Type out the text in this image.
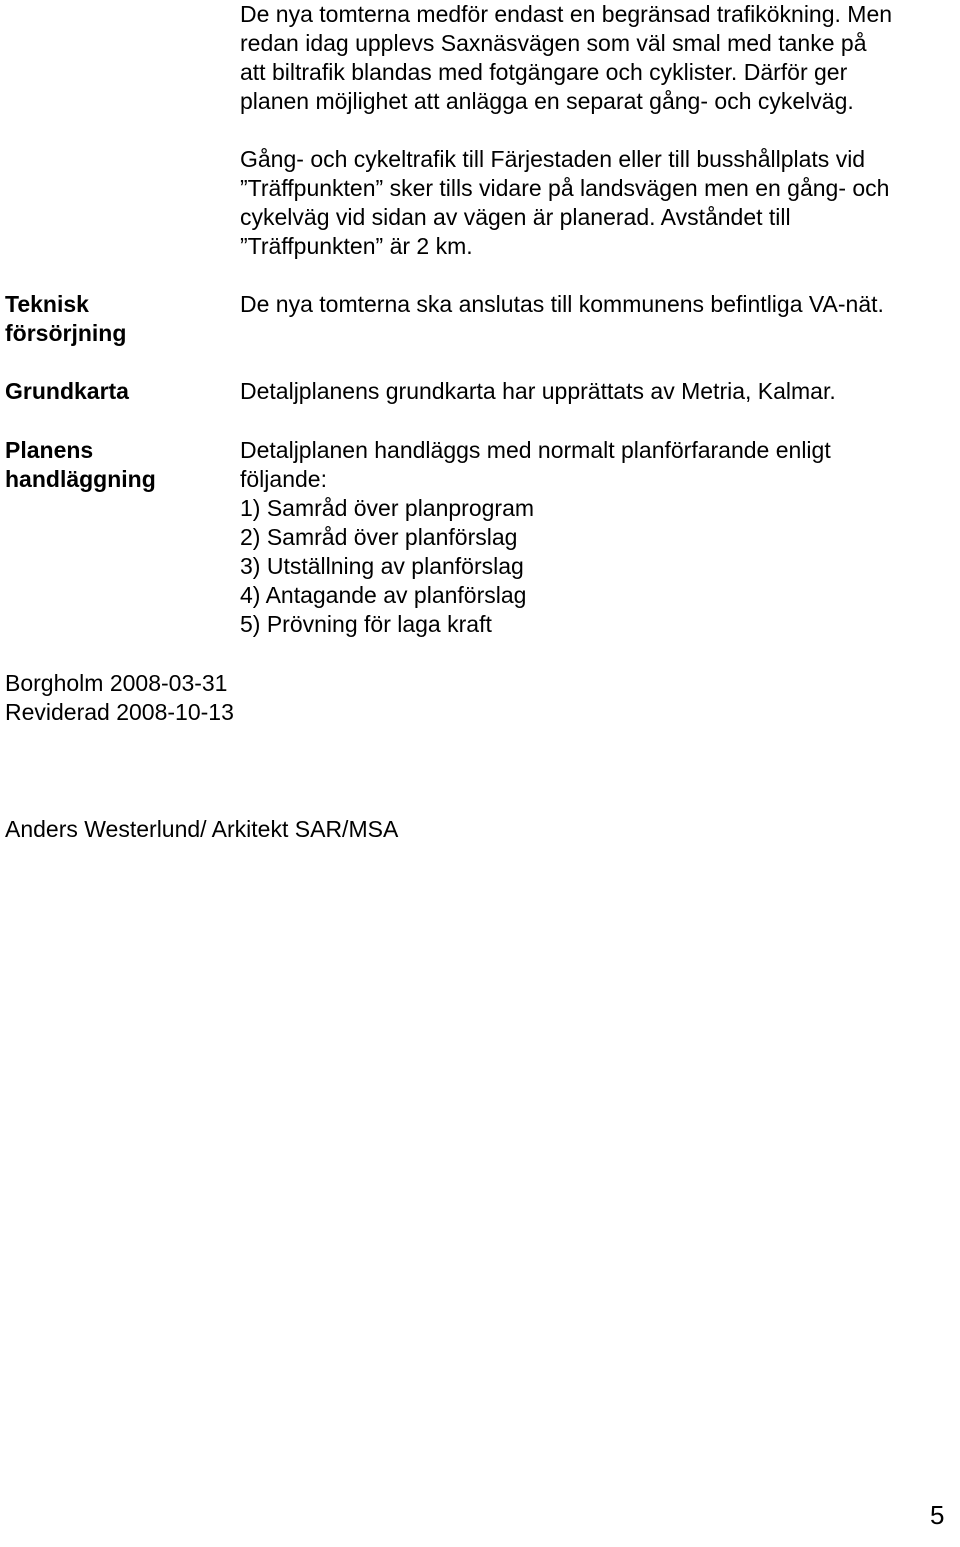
De nya tomterna medför endast en begränsad trafikökning. Men
redan idag upplevs Saxnäsvägen som väl smal med tanke på
att biltrafik blandas med fotgängare och cyklister. Därför ger
planen möjlighet att anlägga en separat gång- och cykelväg.
Gång- och cykeltrafik till Färjestaden eller till busshållplats vid
”Träffpunkten” sker tills vidare på landsvägen men en gång- och
cykelväg vid sidan av vägen är planerad. Avståndet till
”Träffpunkten” är 2 km.
Teknisk
försörjning
De nya tomterna ska anslutas till kommunens befintliga VA-nät.
Grundkarta	Detaljplanens grundkarta har upprättats av Metria, Kalmar.
Planens
handläggning
Detaljplanen handläggs med normalt planförfarande enligt
följande:
1) Samråd över planprogram
2) Samråd över planförslag
3) Utställning av planförslag
4) Antagande av planförslag
5) Prövning för laga kraft
Borgholm 2008-03-31
Reviderad 2008-10-13
Anders Westerlund/ Arkitekt SAR/MSA
5
